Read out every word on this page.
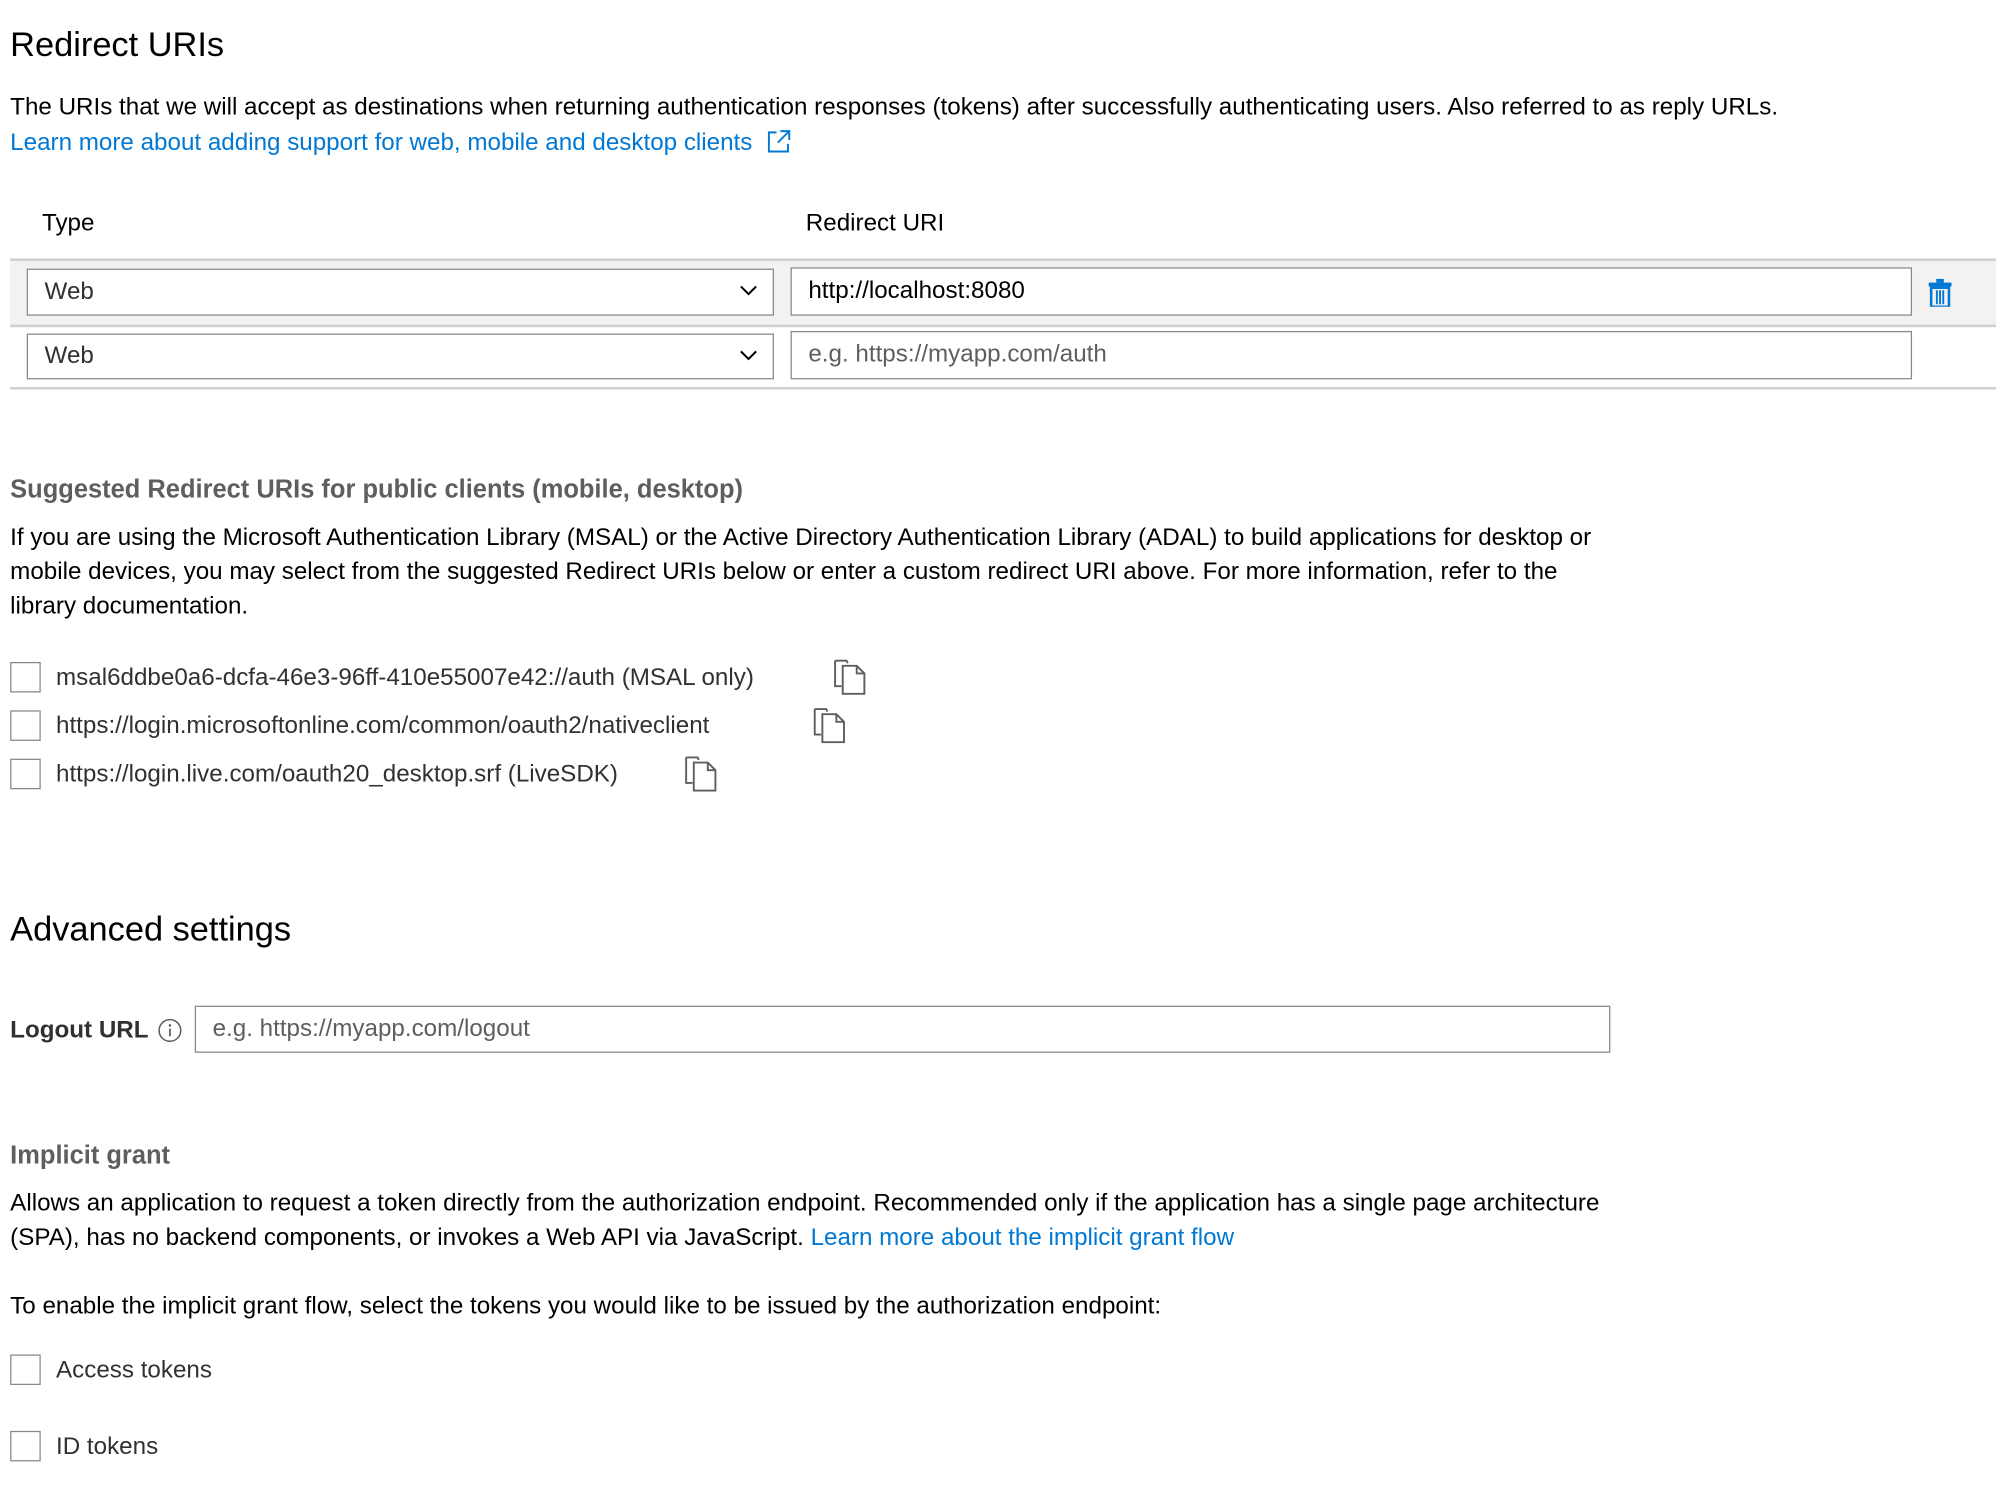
Redirect URIs
The URIs that we will accept as destinations when returning authentication responses (tokens) after successfully authenticating users. Also referred to as reply URLs.
Learn more about adding support for web, mobile and desktop clients
Type	Redirect URI
Web
http://localhost:8080
Web
e.g. https://myapp.com/auth
Suggested Redirect URIs for public clients (mobile, desktop)
If you are using the Microsoft Authentication Library (MSAL) or the Active Directory Authentication Library (ADAL) to build applications for desktop or mobile devices, you may select from the suggested Redirect URIs below or enter a custom redirect URI above. For more information, refer to the library documentation.
msal6ddbe0a6-dcfa-46e3-96ff-410e55007e42://auth (MSAL only)
https://login.microsoftonline.com/common/oauth2/nativeclient
https://login.live.com/oauth20_desktop.srf (LiveSDK)
Advanced settings
Logout URL
e.g. https://myapp.com/logout
Implicit grant
Allows an application to request a token directly from the authorization endpoint. Recommended only if the application has a single page architecture (SPA), has no backend components, or invokes a Web API via JavaScript. Learn more about the implicit grant flow
To enable the implicit grant flow, select the tokens you would like to be issued by the authorization endpoint:
Access tokens
ID tokens
